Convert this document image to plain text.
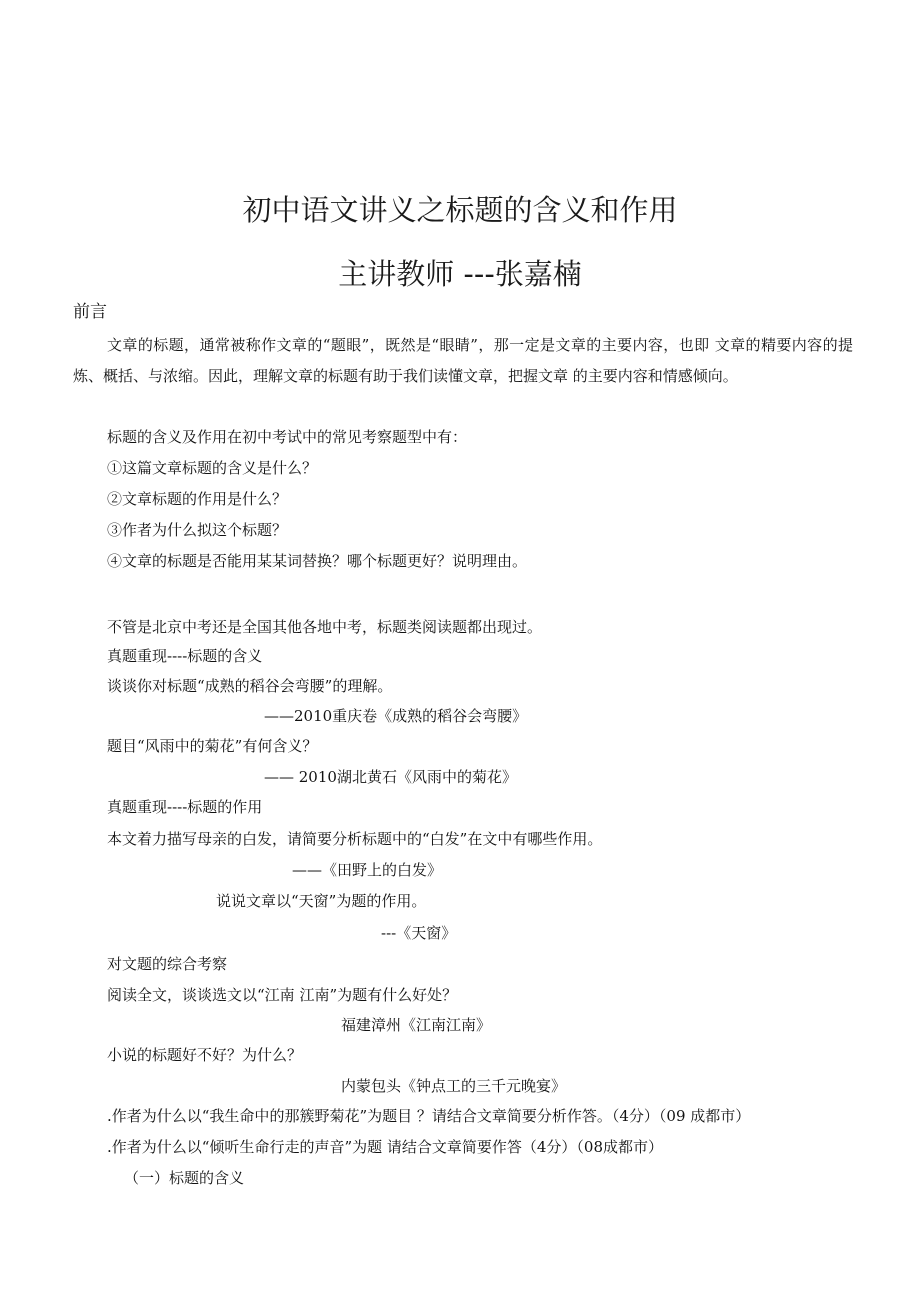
初中语文讲义之标题的含义和作用
主讲教师 ---张嘉楠
前言
文章的标题，通常被称作文章的“题眼”，既然是“眼睛”，那一定是文章的主要内容，也即 文章的精要内容的提炼、概括、与浓缩。因此，理解文章的标题有助于我们读懂文章，把握文章 的主要内容和情感倾向。
标题的含义及作用在初中考试中的常见考察题型中有：
①这篇文章标题的含义是什么？
②文章标题的作用是什么？
③作者为什么拟这个标题？
④文章的标题是否能用某某词替换？哪个标题更好？说明理由。
不管是北京中考还是全国其他各地中考，标题类阅读题都出现过。
真题重现----标题的含义
谈谈你对标题“成熟的稻谷会弯腰”的理解。
——2010重庆卷《成熟的稻谷会弯腰》
题目“风雨中的菊花”有何含义？
—— 2010湖北黄石《风雨中的菊花》
真题重现----标题的作用
本文着力描写母亲的白发，请简要分析标题中的“白发”在文中有哪些作用。
——《田野上的白发》
说说文章以“天窗”为题的作用。
---《天窗》
对文题的综合考察
阅读全文，谈谈选文以“江南 江南”为题有什么好处？
福建漳州《江南江南》
小说的标题好不好？为什么？
内蒙包头《钟点工的三千元晚宴》
.作者为什么以“我生命中的那簇野菊花”为题目 ？请结合文章简要分析作答。（4分）（09 成都市）
.作者为什么以“倾听生命行走的声音”为题 请结合文章简要作答（4分）（08成都市）
（一）标题的含义
